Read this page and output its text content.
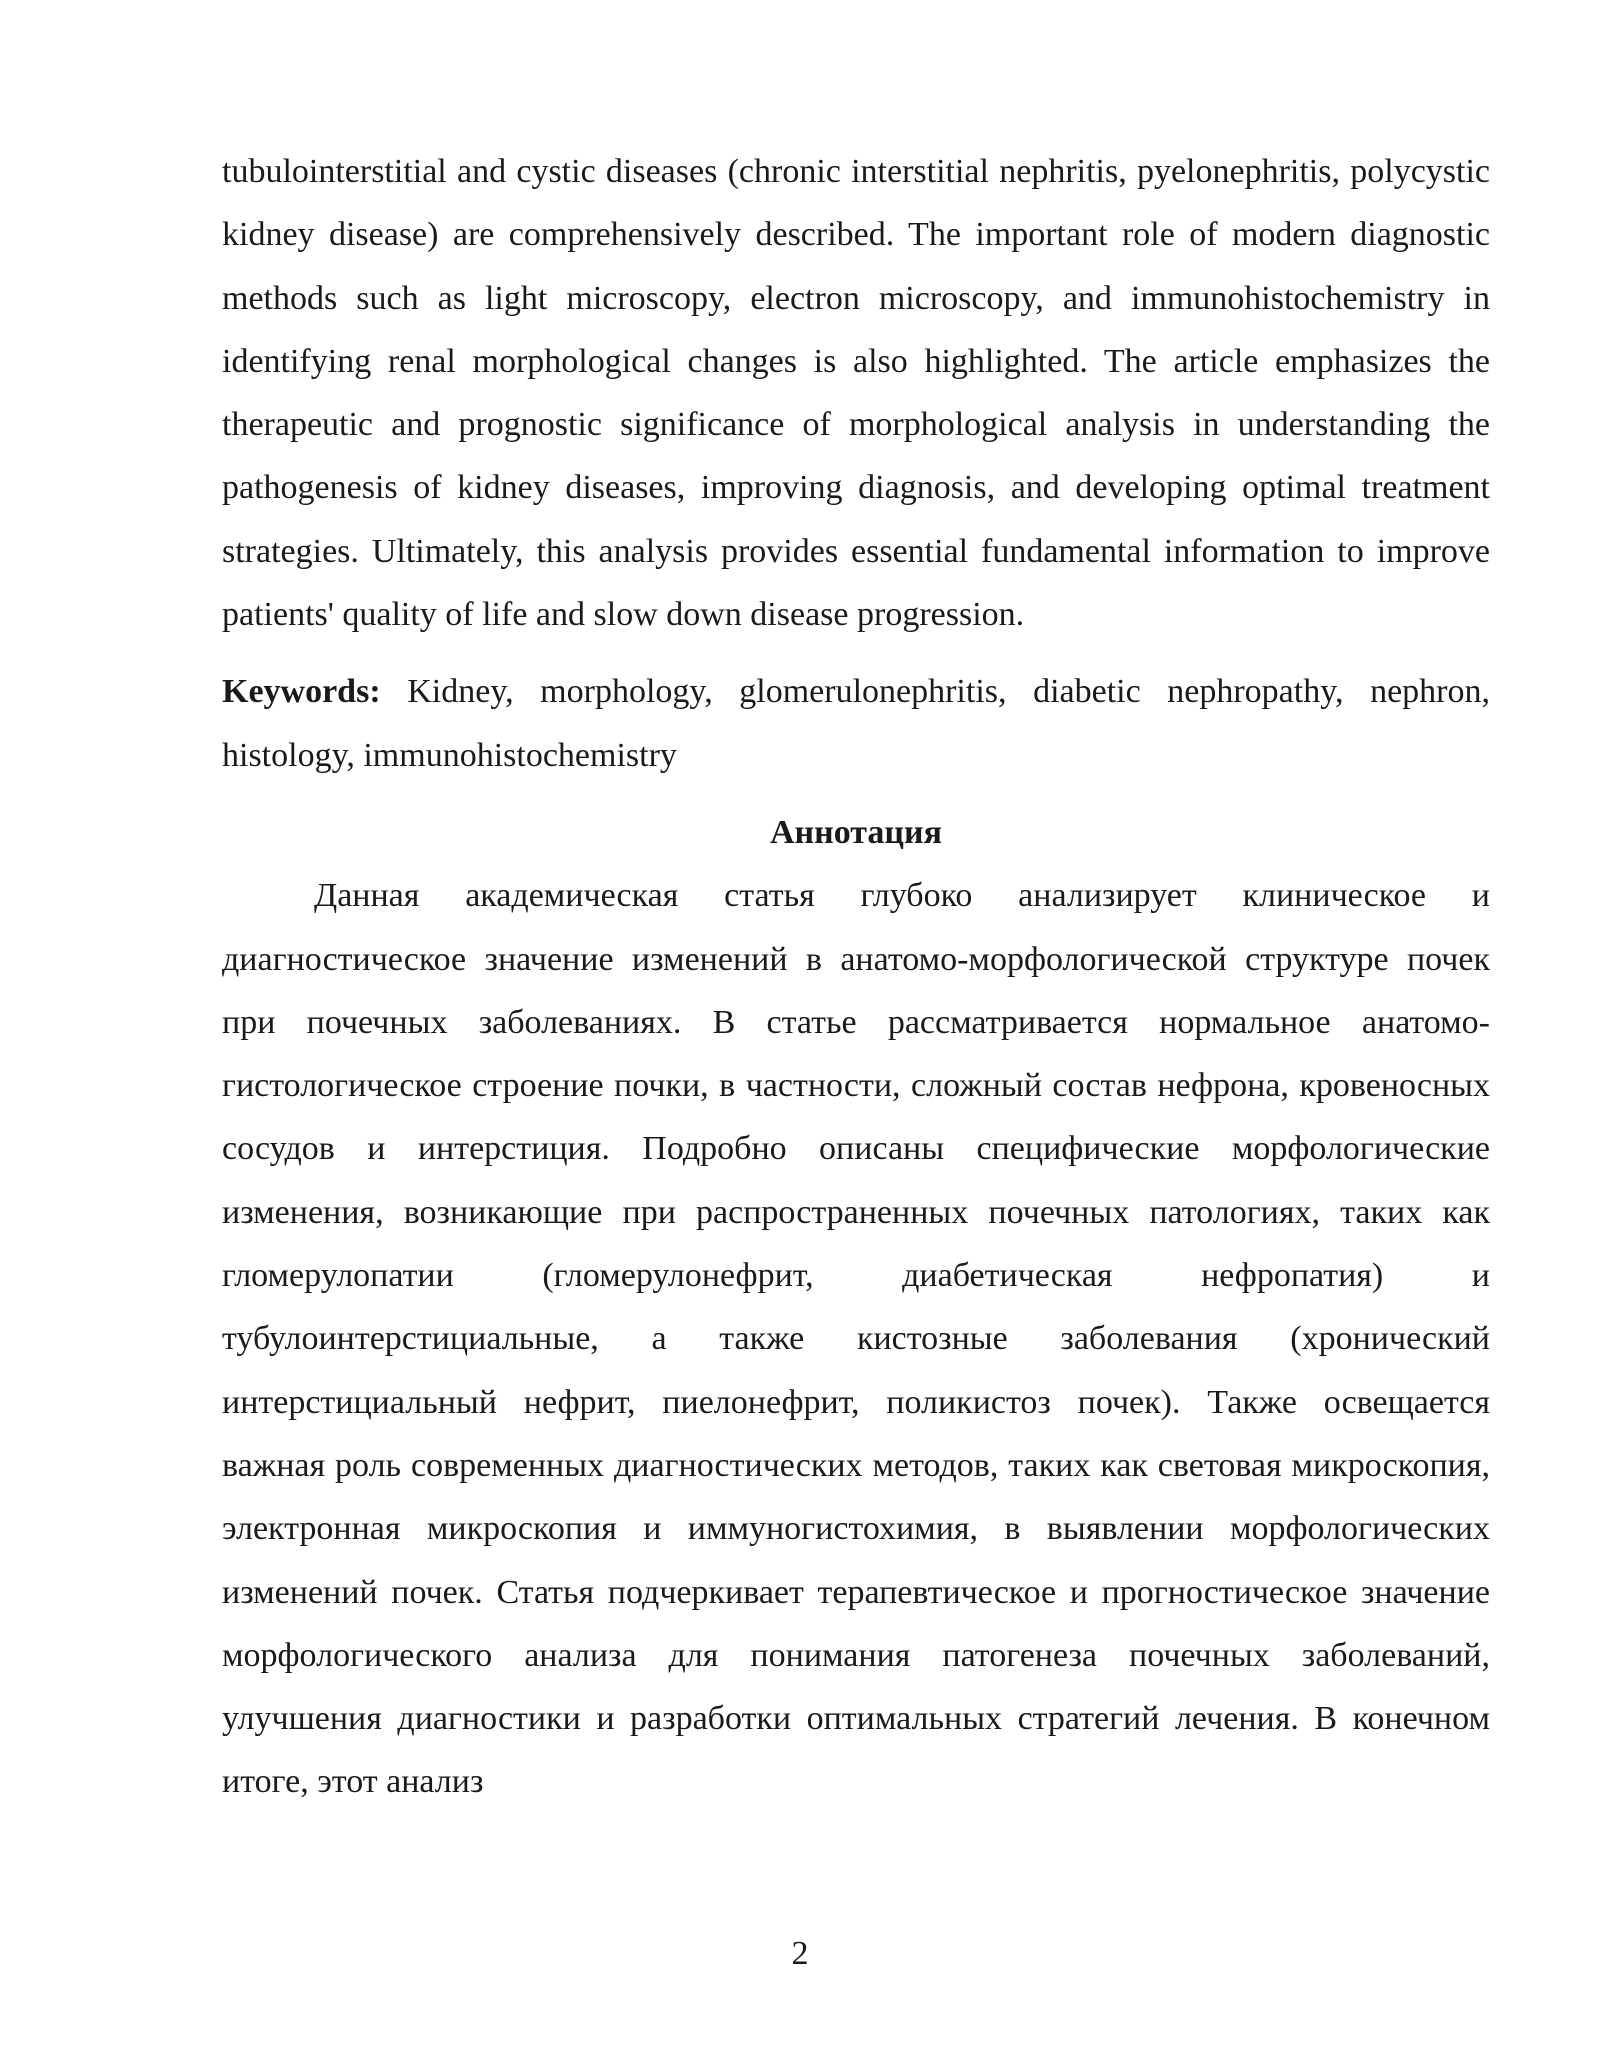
tubulointerstitial and cystic diseases (chronic interstitial nephritis, pyelonephritis, polycystic kidney disease) are comprehensively described. The important role of modern diagnostic methods such as light microscopy, electron microscopy, and immunohistochemistry in identifying renal morphological changes is also highlighted. The article emphasizes the therapeutic and prognostic significance of morphological analysis in understanding the pathogenesis of kidney diseases, improving diagnosis, and developing optimal treatment strategies. Ultimately, this analysis provides essential fundamental information to improve patients' quality of life and slow down disease progression.

Keywords: Kidney, morphology, glomerulonephritis, diabetic nephropathy, nephron, histology, immunohistochemistry

Аннотация

Данная академическая статья глубоко анализирует клиническое и диагностическое значение изменений в анатомо-морфологической структуре почек при почечных заболеваниях. В статье рассматривается нормальное анатомо-гистологическое строение почки, в частности, сложный состав нефрона, кровеносных сосудов и интерстиция. Подробно описаны специфические морфологические изменения, возникающие при распространенных почечных патологиях, таких как гломерулопатии (гломерулонефрит, диабетическая нефропатия) и тубулоинтерстициальные, а также кистозные заболевания (хронический интерстициальный нефрит, пиелонефрит, поликистоз почек). Также освещается важная роль современных диагностических методов, таких как световая микроскопия, электронная микроскопия и иммуногистохимия, в выявлении морфологических изменений почек. Статья подчеркивает терапевтическое и прогностическое значение морфологического анализа для понимания патогенеза почечных заболеваний, улучшения диагностики и разработки оптимальных стратегий лечения. В конечном итоге, этот анализ

2
